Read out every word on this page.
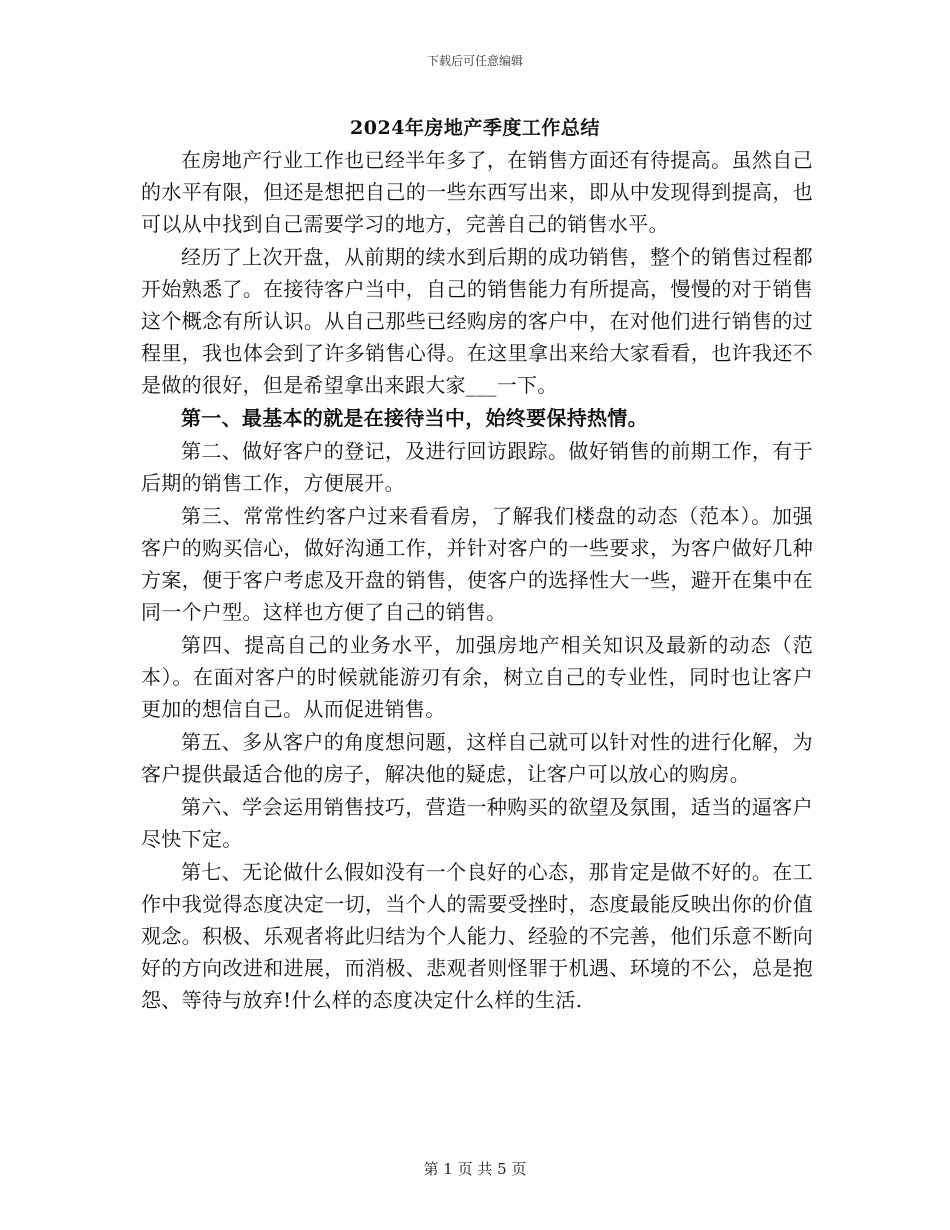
下载后可任意编辑
2024年房地产季度工作总结

在房地产行业工作也已经半年多了，在销售方面还有待提高。虽然自己的水平有限，但还是想把自己的一些东西写出来，即从中发现得到提高，也可以从中找到自己需要学习的地方，完善自己的销售水平。

经历了上次开盘，从前期的续水到后期的成功销售，整个的销售过程都开始熟悉了。在接待客户当中，自己的销售能力有所提高，慢慢的对于销售这个概念有所认识。从自己那些已经购房的客户中，在对他们进行销售的过程里，我也体会到了许多销售心得。在这里拿出来给大家看看，也许我还不是做的很好，但是希望拿出来跟大家___一下。

第一、最基本的就是在接待当中，始终要保持热情。

第二、做好客户的登记，及进行回访跟踪。做好销售的前期工作，有于后期的销售工作，方便展开。

第三、常常性约客户过来看看房，了解我们楼盘的动态（范本）。加强客户的购买信心，做好沟通工作，并针对客户的一些要求，为客户做好几种方案，便于客户考虑及开盘的销售，使客户的选择性大一些，避开在集中在同一个户型。这样也方便了自己的销售。

第四、提高自己的业务水平，加强房地产相关知识及最新的动态（范本）。在面对客户的时候就能游刃有余，树立自己的专业性，同时也让客户更加的想信自己。从而促进销售。

第五、多从客户的角度想问题，这样自己就可以针对性的进行化解，为客户提供最适合他的房子，解决他的疑虑，让客户可以放心的购房。

第六、学会运用销售技巧，营造一种购买的欲望及氛围，适当的逼客户尽快下定。

第七、无论做什么假如没有一个良好的心态，那肯定是做不好的。在工作中我觉得态度决定一切，当个人的需要受挫时，态度最能反映出你的价值观念。积极、乐观者将此归结为个人能力、经验的不完善，他们乐意不断向好的方向改进和进展，而消极、悲观者则怪罪于机遇、环境的不公，总是抱怨、等待与放弃!什么样的态度决定什么样的生活.

第 1 页 共 5 页
